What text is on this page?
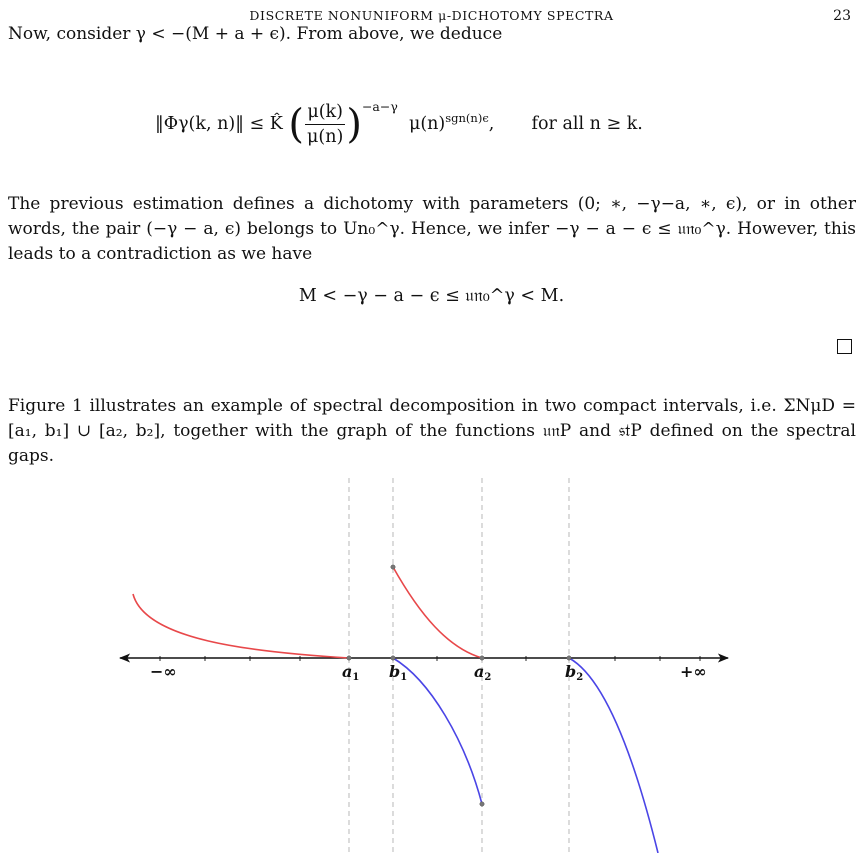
DISCRETE NONUNIFORM μ-DICHOTOMY SPECTRA	23
Now, consider γ < −(M + a + ϵ). From above, we deduce
‖Φγ(k, n)‖ ≤ K̂ ( $\frac{\mu(k)}{\mu(n)} )^{-a-\gamma}$  $\mu(n)^{sgn(n)\epsilon}$, for all n ≥ k.
The previous estimation defines a dichotomy with parameters (0; ∗, −γ−a, ∗, ϵ), or in other words, the pair (−γ − a, ϵ) belongs to Un₀^γ. Hence, we infer −γ − a − ϵ ≤ 𝔲𝔫₀^γ. However, this leads to a contradiction as we have
M < −γ − a − ϵ ≤ 𝔲𝔫₀^γ < M.
Figure 1 illustrates an example of spectral decomposition in two compact intervals, i.e. ΣNμD = [a₁, b₁] ∪ [a₂, b₂], together with the graph of the functions 𝔲𝔫P and 𝔰𝔱P defined on the spectral gaps.
−∞	a1 b1	a2	b2	+∞
